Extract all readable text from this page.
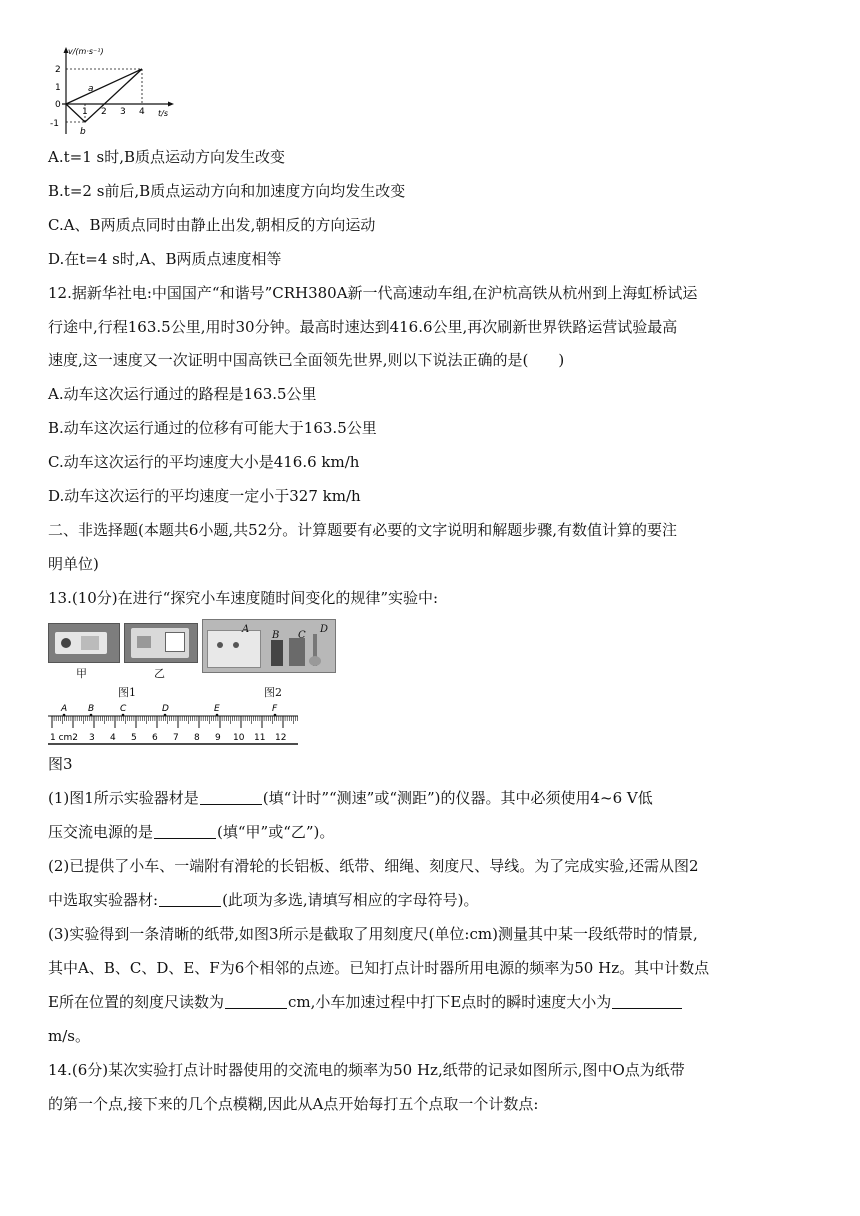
v/(m·s⁻¹)
2
1
0
-1
1 2 3 4 t/s
a
b
A.t=1 s时,B质点运动方向发生改变
B.t=2 s前后,B质点运动方向和加速度方向均发生改变
C.A、B两质点同时由静止出发,朝相反的方向运动
D.在t=4 s时,A、B两质点速度相等
12.据新华社电:中国国产“和谐号”CRH380A新一代高速动车组,在沪杭高铁从杭州到上海虹桥试运
行途中,行程163.5公里,用时30分钟。最高时速达到416.6公里,再次刷新世界铁路运营试验最高
速度,这一速度又一次证明中国高铁已全面领先世界,则以下说法正确的是(　　)
A.动车这次运行通过的路程是163.5公里
B.动车这次运行通过的位移有可能大于163.5公里
C.动车这次运行的平均速度大小是416.6 km/h
D.动车这次运行的平均速度一定小于327 km/h
二、非选择题(本题共6小题,共52分。计算题要有必要的文字说明和解题步骤,有数值计算的要注
明单位)
13.(10分)在进行“探究小车速度随时间变化的规律”实验中:
甲	乙
图1
A
B C
D
图2
A B	C	D	E	F
1 cm2 3 4 5 6 7 8 9 10 11 12
图3
(1)图1所示实验器材是	(填“计时”“测速”或“测距”)的仪器。其中必须使用4~6 V低
压交流电源的是	(填“甲”或“乙”)。
(2)已提供了小车、一端附有滑轮的长铝板、纸带、细绳、刻度尺、导线。为了完成实验,还需从图2
中选取实验器材:	(此项为多选,请填写相应的字母符号)。
(3)实验得到一条清晰的纸带,如图3所示是截取了用刻度尺(单位:cm)测量其中某一段纸带时的情景,
其中A、B、C、D、E、F为6个相邻的点迹。已知打点计时器所用电源的频率为50 Hz。其中计数点
E所在位置的刻度尺读数为	cm,小车加速过程中打下E点时的瞬时速度大小为
m/s。
14.(6分)某次实验打点计时器使用的交流电的频率为50 Hz,纸带的记录如图所示,图中O点为纸带
的第一个点,接下来的几个点模糊,因此从A点开始每打五个点取一个计数点:
